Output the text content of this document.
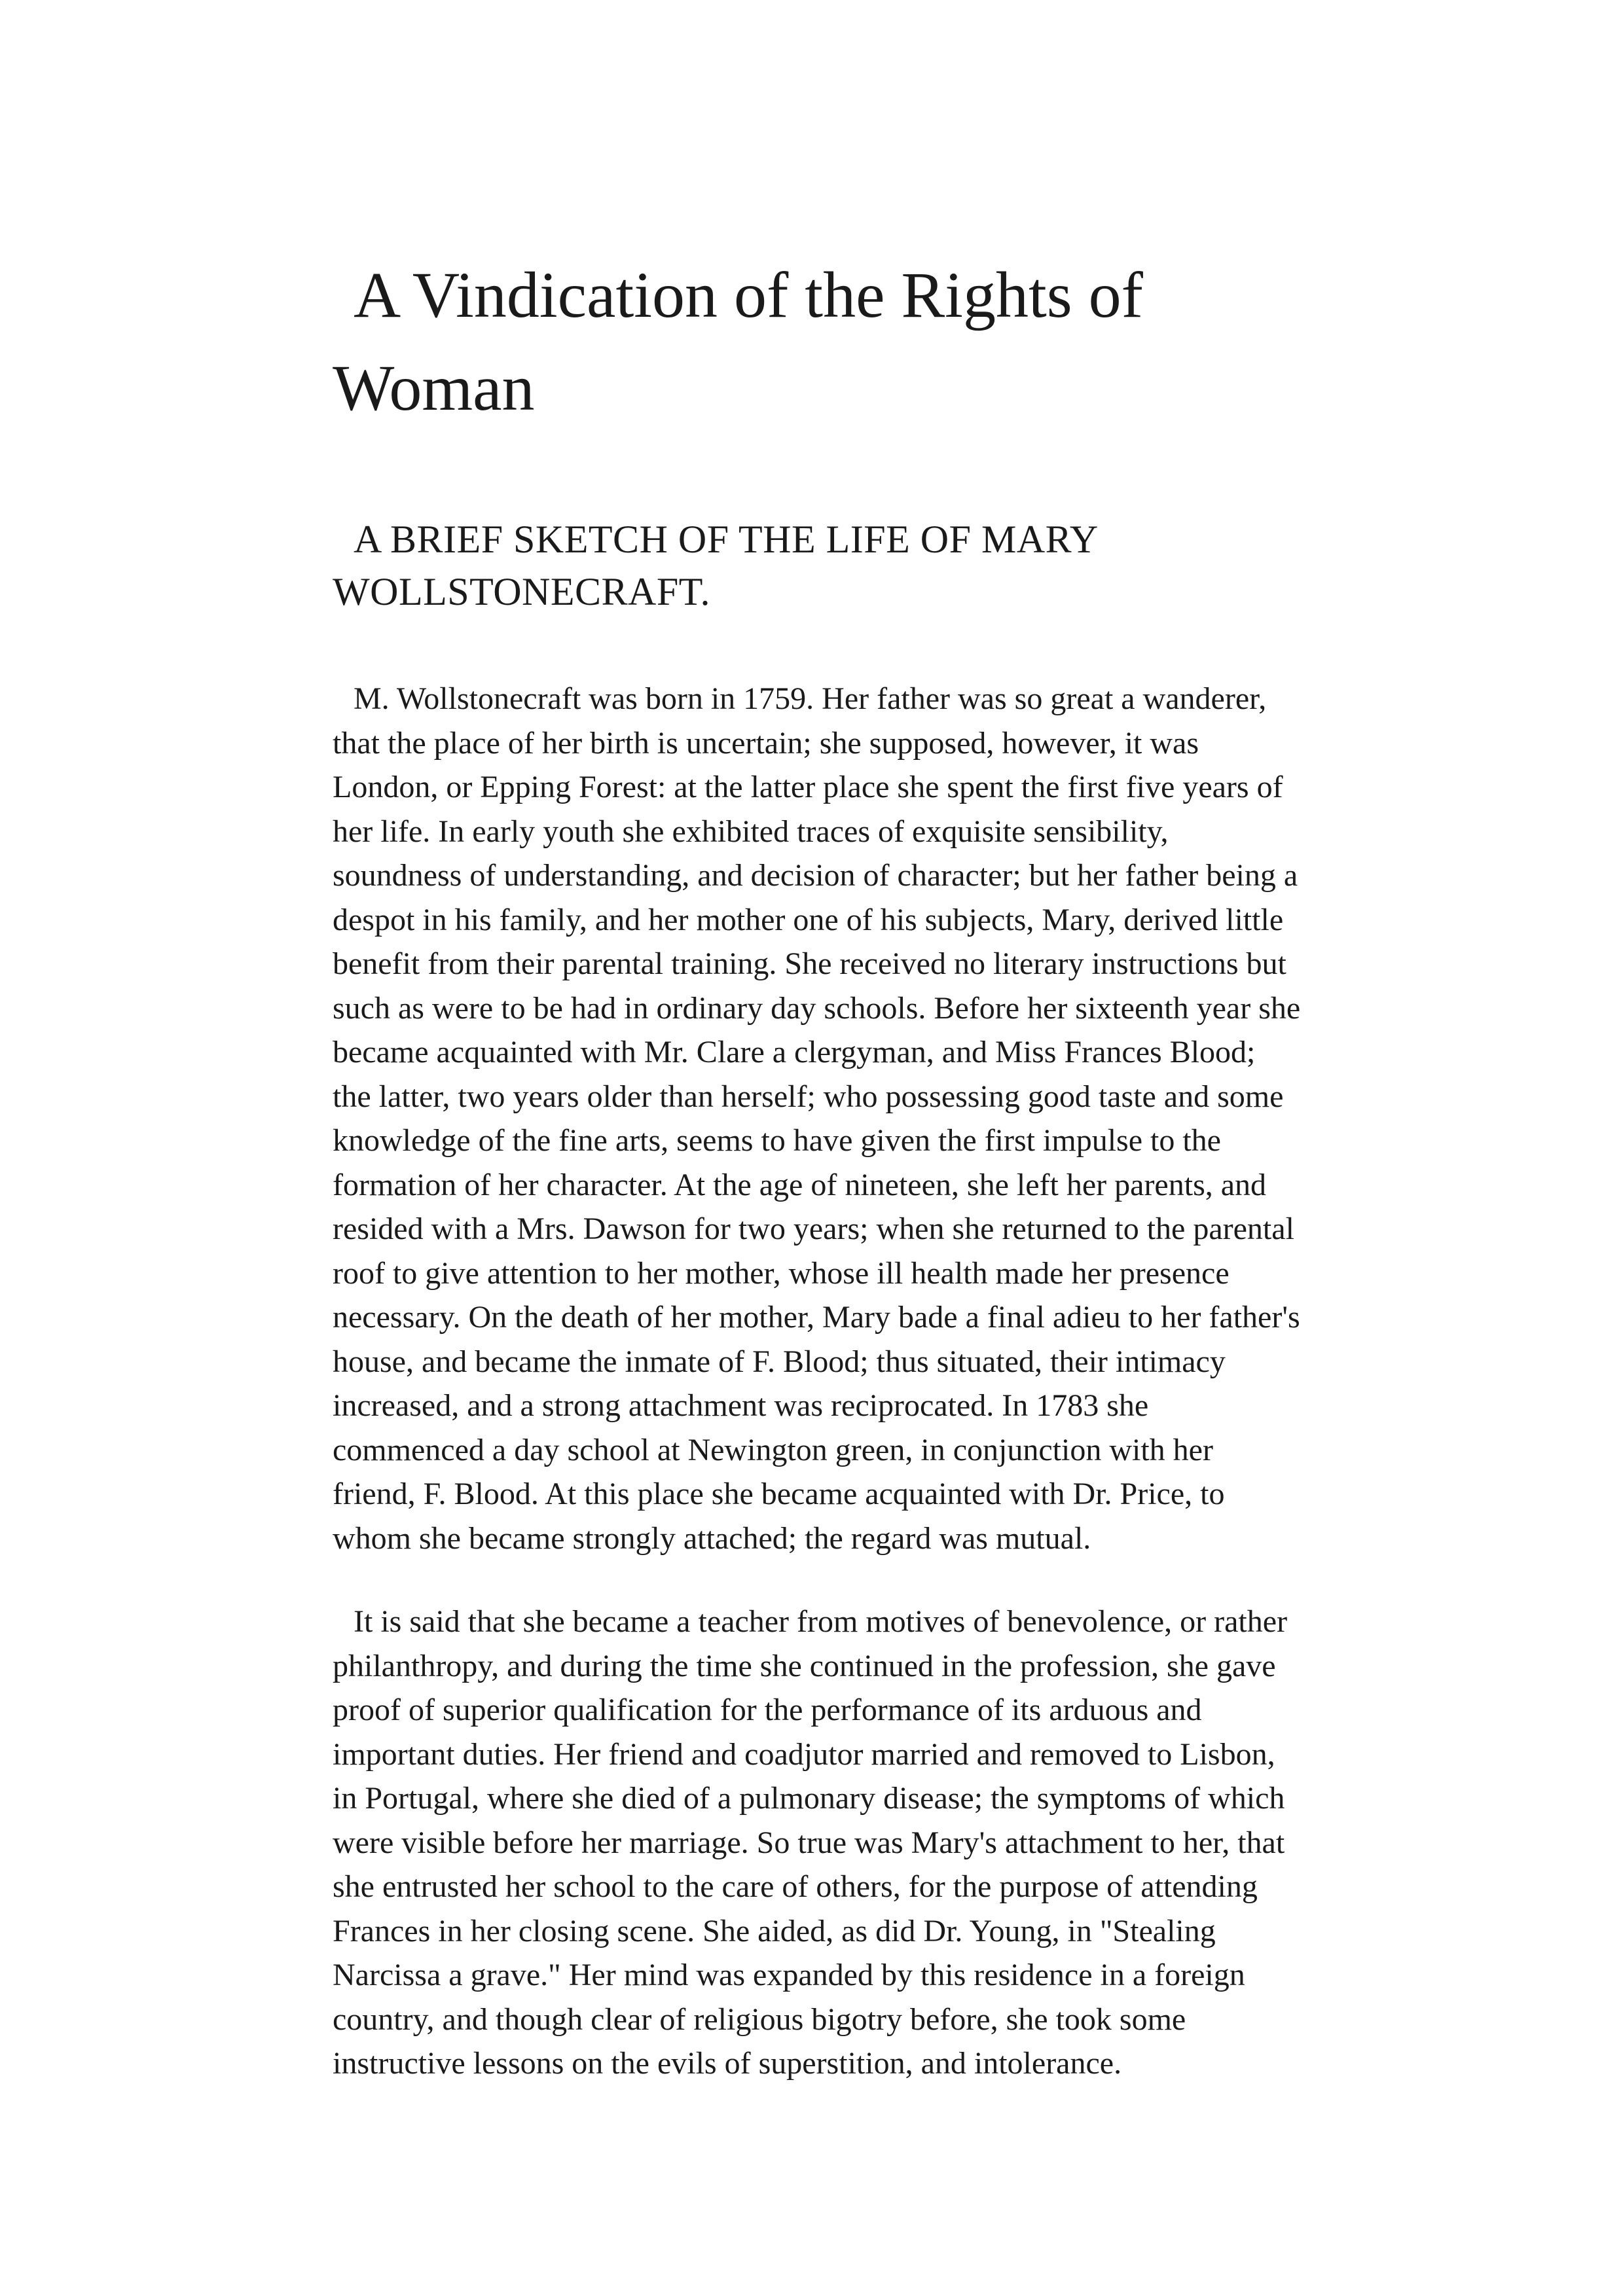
A Vindication of the Rights of Woman
A BRIEF SKETCH OF THE LIFE OF MARY WOLLSTONECRAFT.

M. Wollstonecraft was born in 1759. Her father was so great a wanderer, that the place of her birth is uncertain; she supposed, however, it was London, or Epping Forest: at the latter place she spent the first five years of her life. In early youth she exhibited traces of exquisite sensibility, soundness of understanding, and decision of character; but her father being a despot in his family, and her mother one of his subjects, Mary, derived little benefit from their parental training. She received no literary instructions but such as were to be had in ordinary day schools. Before her sixteenth year she became acquainted with Mr. Clare a clergyman, and Miss Frances Blood; the latter, two years older than herself; who possessing good taste and some knowledge of the fine arts, seems to have given the first impulse to the formation of her character. At the age of nineteen, she left her parents, and resided with a Mrs. Dawson for two years; when she returned to the parental roof to give attention to her mother, whose ill health made her presence necessary. On the death of her mother, Mary bade a final adieu to her father's house, and became the inmate of F. Blood; thus situated, their intimacy increased, and a strong attachment was reciprocated. In 1783 she commenced a day school at Newington green, in conjunction with her friend, F. Blood. At this place she became acquainted with Dr. Price, to whom she became strongly attached; the regard was mutual.

It is said that she became a teacher from motives of benevolence, or rather philanthropy, and during the time she continued in the profession, she gave proof of superior qualification for the performance of its arduous and important duties. Her friend and coadjutor married and removed to Lisbon, in Portugal, where she died of a pulmonary disease; the symptoms of which were visible before her marriage. So true was Mary's attachment to her, that she entrusted her school to the care of others, for the purpose of attending Frances in her closing scene. She aided, as did Dr. Young, in "Stealing Narcissa a grave." Her mind was expanded by this residence in a foreign country, and though clear of religious bigotry before, she took some instructive lessons on the evils of superstition, and intolerance.
